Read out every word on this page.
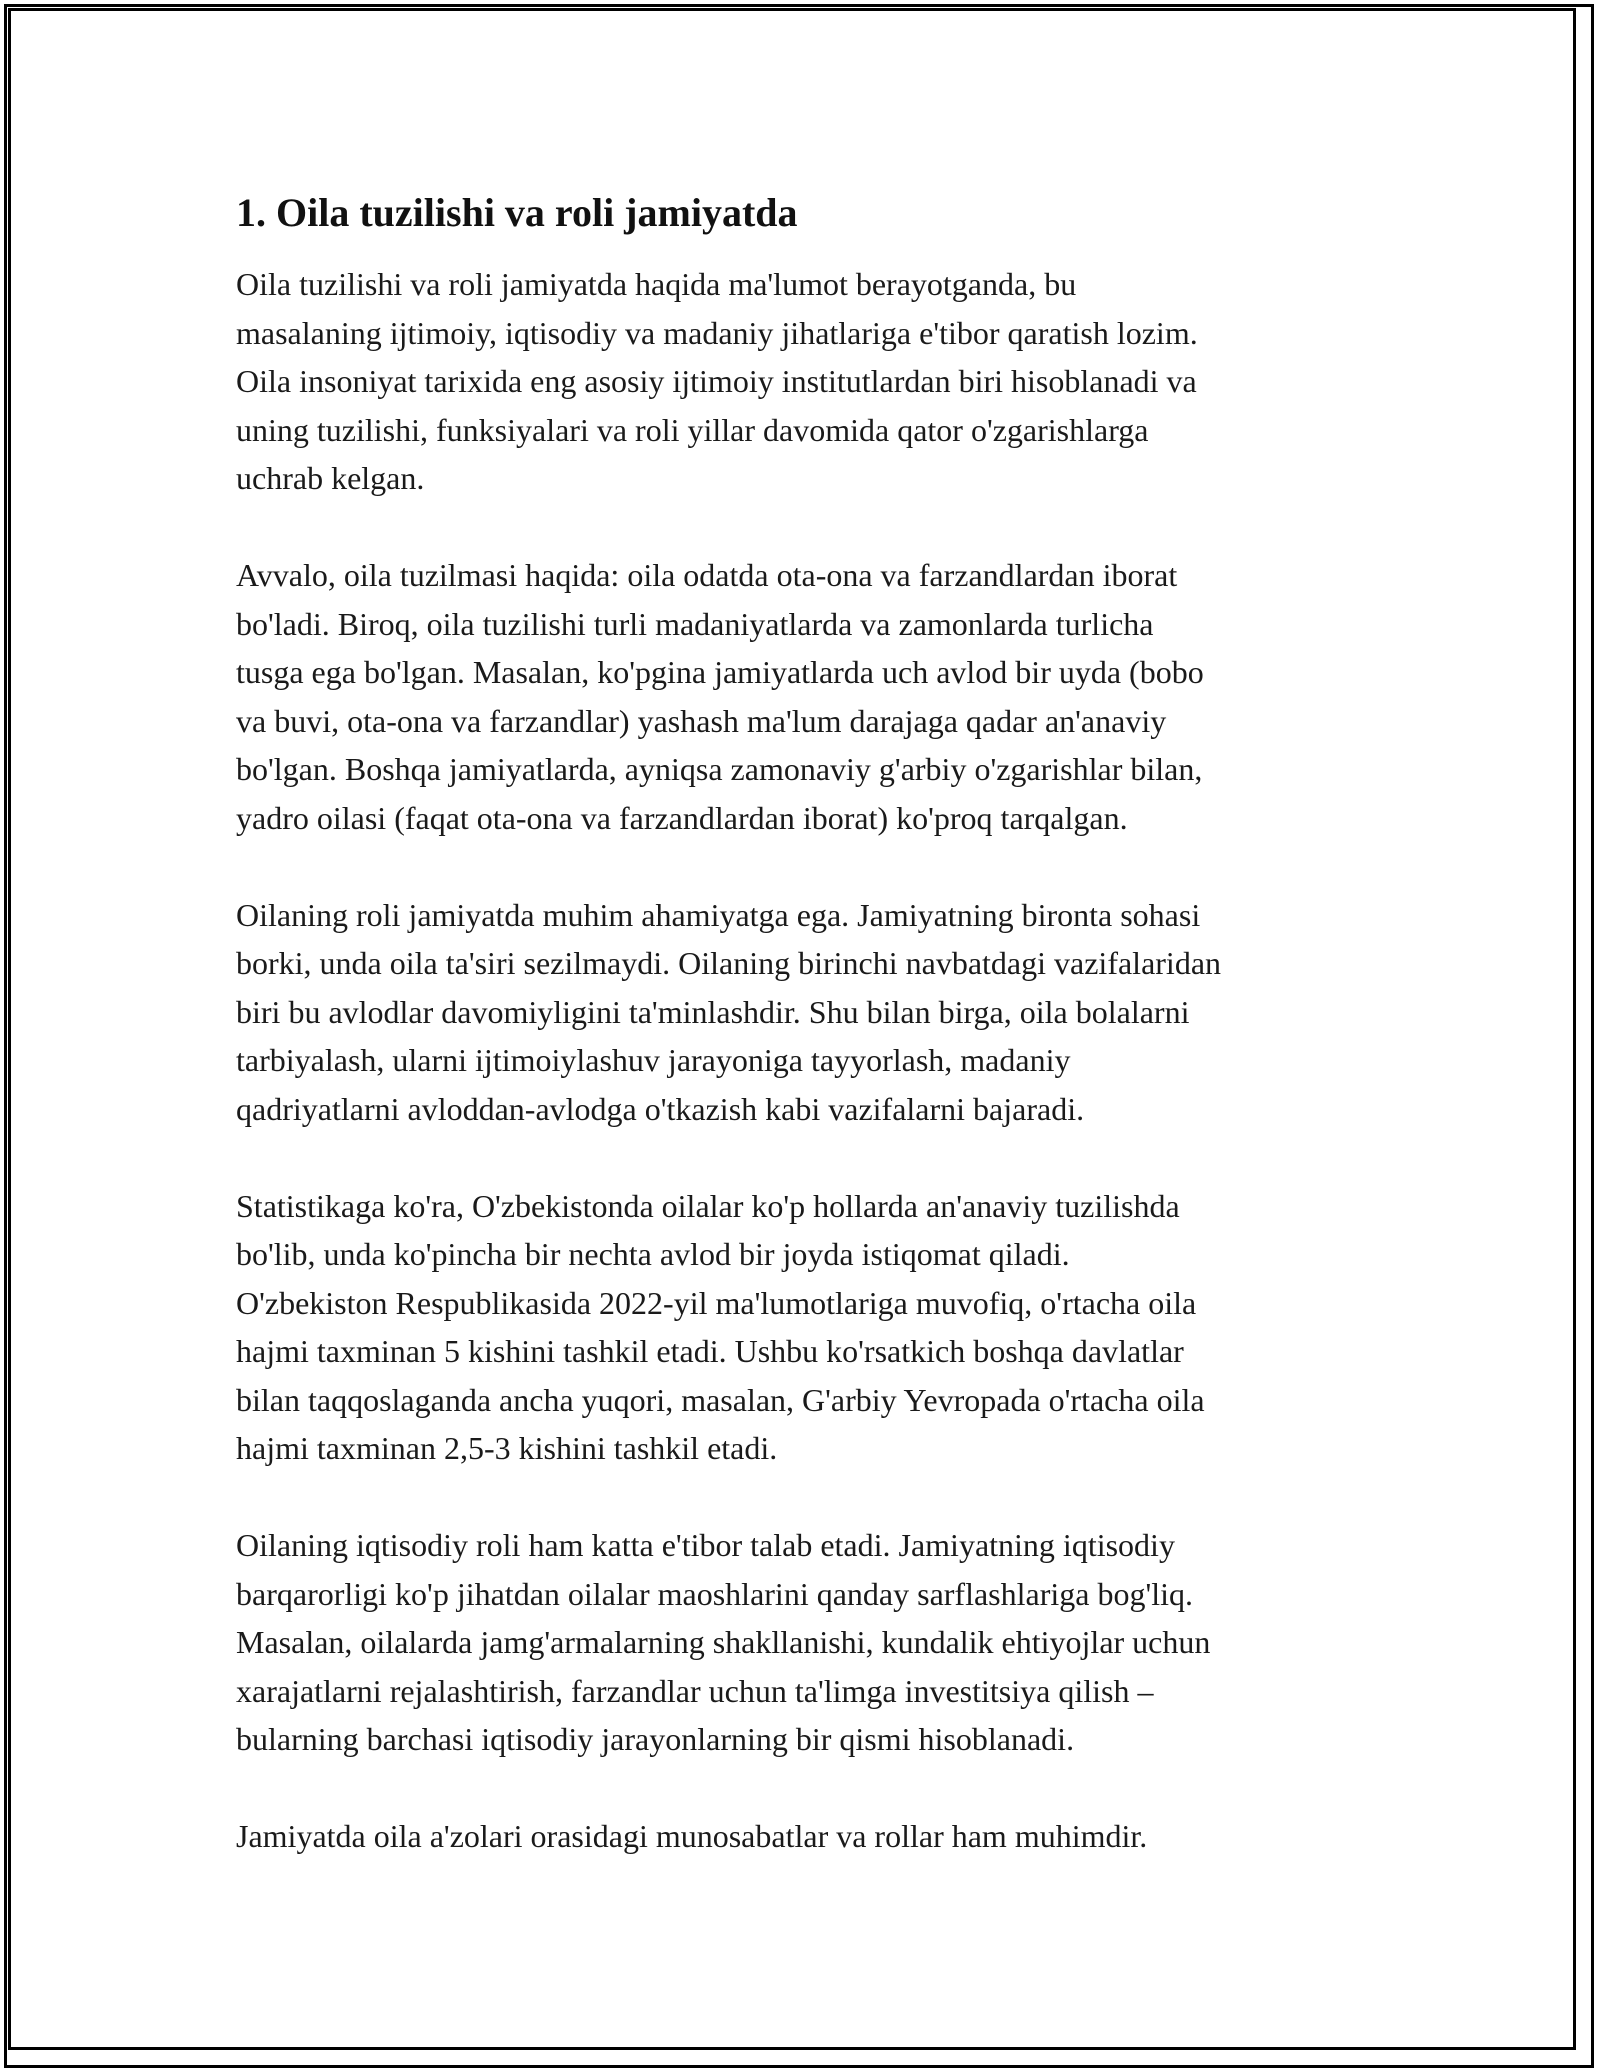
1. Oila tuzilishi va roli jamiyatda

Oila tuzilishi va roli jamiyatda haqida ma'lumot berayotganda, bu
masalaning ijtimoiy, iqtisodiy va madaniy jihatlariga e'tibor qaratish lozim.
Oila insoniyat tarixida eng asosiy ijtimoiy institutlardan biri hisoblanadi va
uning tuzilishi, funksiyalari va roli yillar davomida qator o'zgarishlarga
uchrab kelgan.

Avvalo, oila tuzilmasi haqida: oila odatda ota-ona va farzandlardan iborat
bo'ladi. Biroq, oila tuzilishi turli madaniyatlarda va zamonlarda turlicha
tusga ega bo'lgan. Masalan, ko'pgina jamiyatlarda uch avlod bir uyda (bobo
va buvi, ota-ona va farzandlar) yashash ma'lum darajaga qadar an'anaviy
bo'lgan. Boshqa jamiyatlarda, ayniqsa zamonaviy g'arbiy o'zgarishlar bilan,
yadro oilasi (faqat ota-ona va farzandlardan iborat) ko'proq tarqalgan.

Oilaning roli jamiyatda muhim ahamiyatga ega. Jamiyatning bironta sohasi
borki, unda oila ta'siri sezilmaydi. Oilaning birinchi navbatdagi vazifalaridan
biri bu avlodlar davomiyligini ta'minlashdir. Shu bilan birga, oila bolalarni
tarbiyalash, ularni ijtimoiylashuv jarayoniga tayyorlash, madaniy
qadriyatlarni avloddan-avlodga o'tkazish kabi vazifalarni bajaradi.

Statistikaga ko'ra, O'zbekistonda oilalar ko'p hollarda an'anaviy tuzilishda
bo'lib, unda ko'pincha bir nechta avlod bir joyda istiqomat qiladi.
O'zbekiston Respublikasida 2022-yil ma'lumotlariga muvofiq, o'rtacha oila
hajmi taxminan 5 kishini tashkil etadi. Ushbu ko'rsatkich boshqa davlatlar
bilan taqqoslaganda ancha yuqori, masalan, G'arbiy Yevropada o'rtacha oila
hajmi taxminan 2,5-3 kishini tashkil etadi.

Oilaning iqtisodiy roli ham katta e'tibor talab etadi. Jamiyatning iqtisodiy
barqarorligi ko'p jihatdan oilalar maoshlarini qanday sarflashlariga bog'liq.
Masalan, oilalarda jamg'armalarning shakllanishi, kundalik ehtiyojlar uchun
xarajatlarni rejalashtirish, farzandlar uchun ta'limga investitsiya qilish –
bularning barchasi iqtisodiy jarayonlarning bir qismi hisoblanadi.

Jamiyatda oila a'zolari orasidagi munosabatlar va rollar ham muhimdir.
